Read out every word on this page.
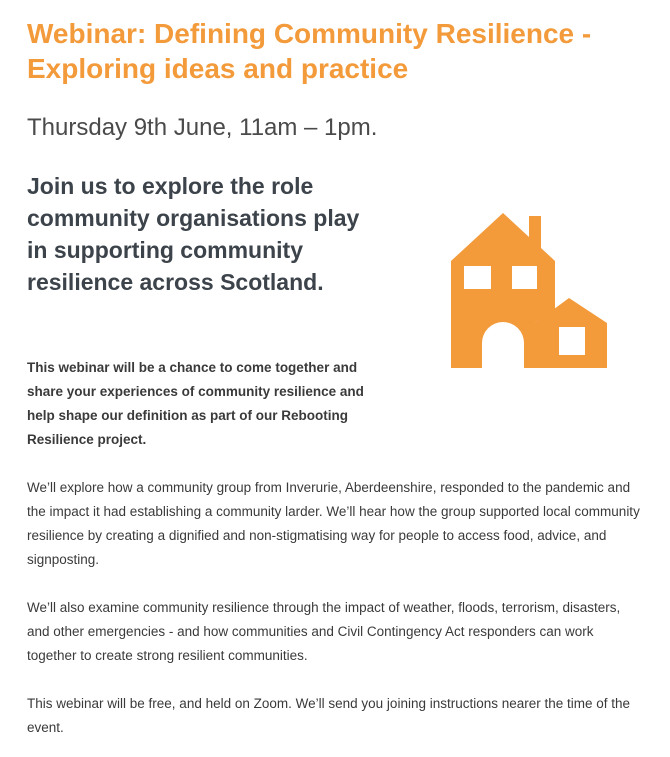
Webinar: Defining Community Resilience - Exploring ideas and practice
Thursday 9th June, 11am – 1pm.
Join us to explore the role community organisations play in supporting community resilience across Scotland.

This webinar will be a chance to come together and share your experiences of community resilience and help shape our definition as part of our Rebooting Resilience project.

We’ll explore how a community group from Inverurie, Aberdeenshire, responded to the pandemic and the impact it had establishing a community larder. We’ll hear how the group supported local community resilience by creating a dignified and non-stigmatising way for people to access food, advice, and signposting.

We’ll also examine community resilience through the impact of weather, floods, terrorism, disasters, and other emergencies - and how communities and Civil Contingency Act responders can work together to create strong resilient communities.

This webinar will be free, and held on Zoom. We’ll send you joining instructions nearer the time of the event.
